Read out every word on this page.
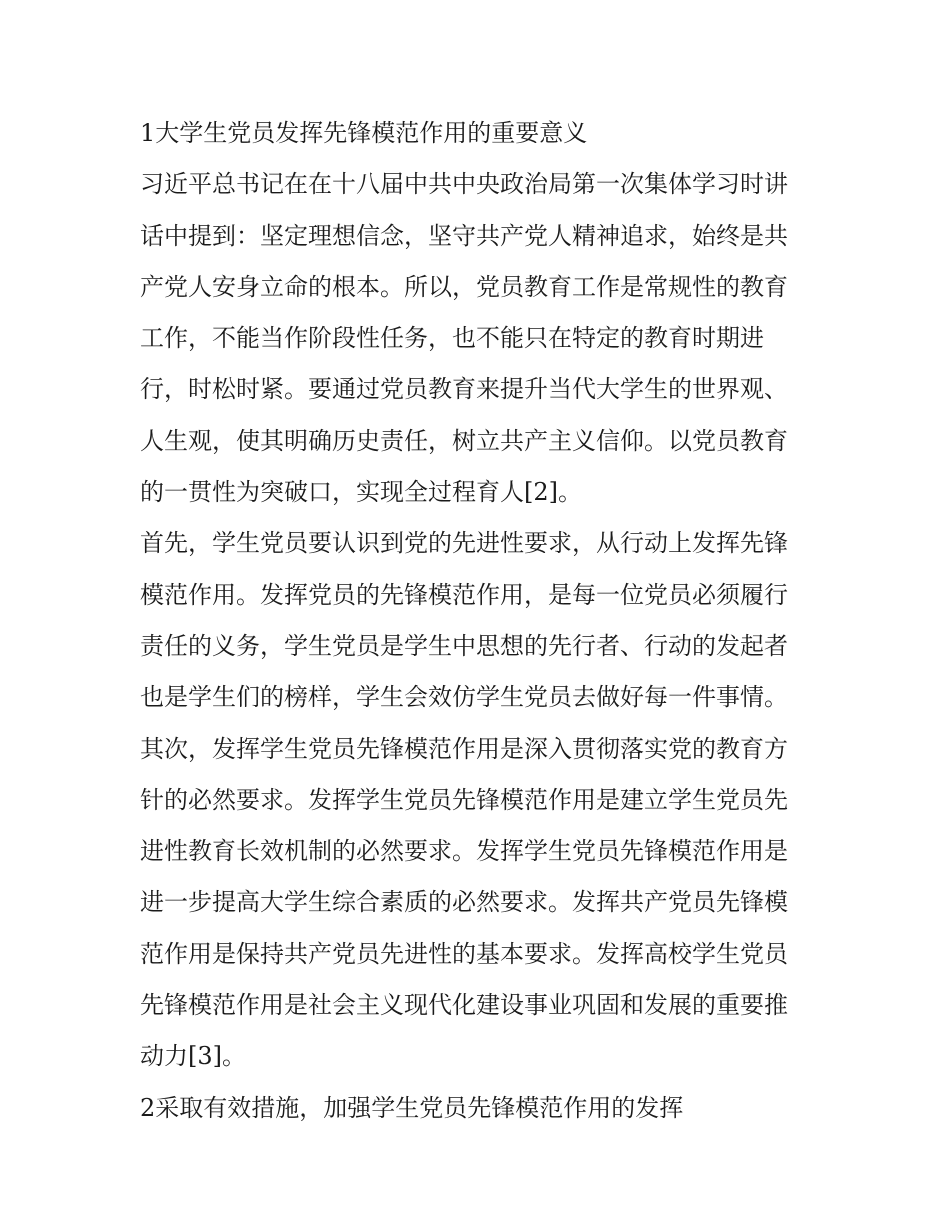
1大学生党员发挥先锋模范作用的重要意义
习近平总书记在在十八届中共中央政治局第一次集体学习时讲
话中提到：坚定理想信念，坚守共产党人精神追求，始终是共
产党人安身立命的根本。所以，党员教育工作是常规性的教育
工作，不能当作阶段性任务，也不能只在特定的教育时期进
行，时松时紧。要通过党员教育来提升当代大学生的世界观、
人生观，使其明确历史责任，树立共产主义信仰。以党员教育
的一贯性为突破口，实现全过程育人[2]。
首先，学生党员要认识到党的先进性要求，从行动上发挥先锋
模范作用。发挥党员的先锋模范作用，是每一位党员必须履行
责任的义务，学生党员是学生中思想的先行者、行动的发起者
也是学生们的榜样，学生会效仿学生党员去做好每一件事情。
其次，发挥学生党员先锋模范作用是深入贯彻落实党的教育方
针的必然要求。发挥学生党员先锋模范作用是建立学生党员先
进性教育长效机制的必然要求。发挥学生党员先锋模范作用是
进一步提高大学生综合素质的必然要求。发挥共产党员先锋模
范作用是保持共产党员先进性的基本要求。发挥高校学生党员
先锋模范作用是社会主义现代化建设事业巩固和发展的重要推
动力[3]。
2采取有效措施，加强学生党员先锋模范作用的发挥
